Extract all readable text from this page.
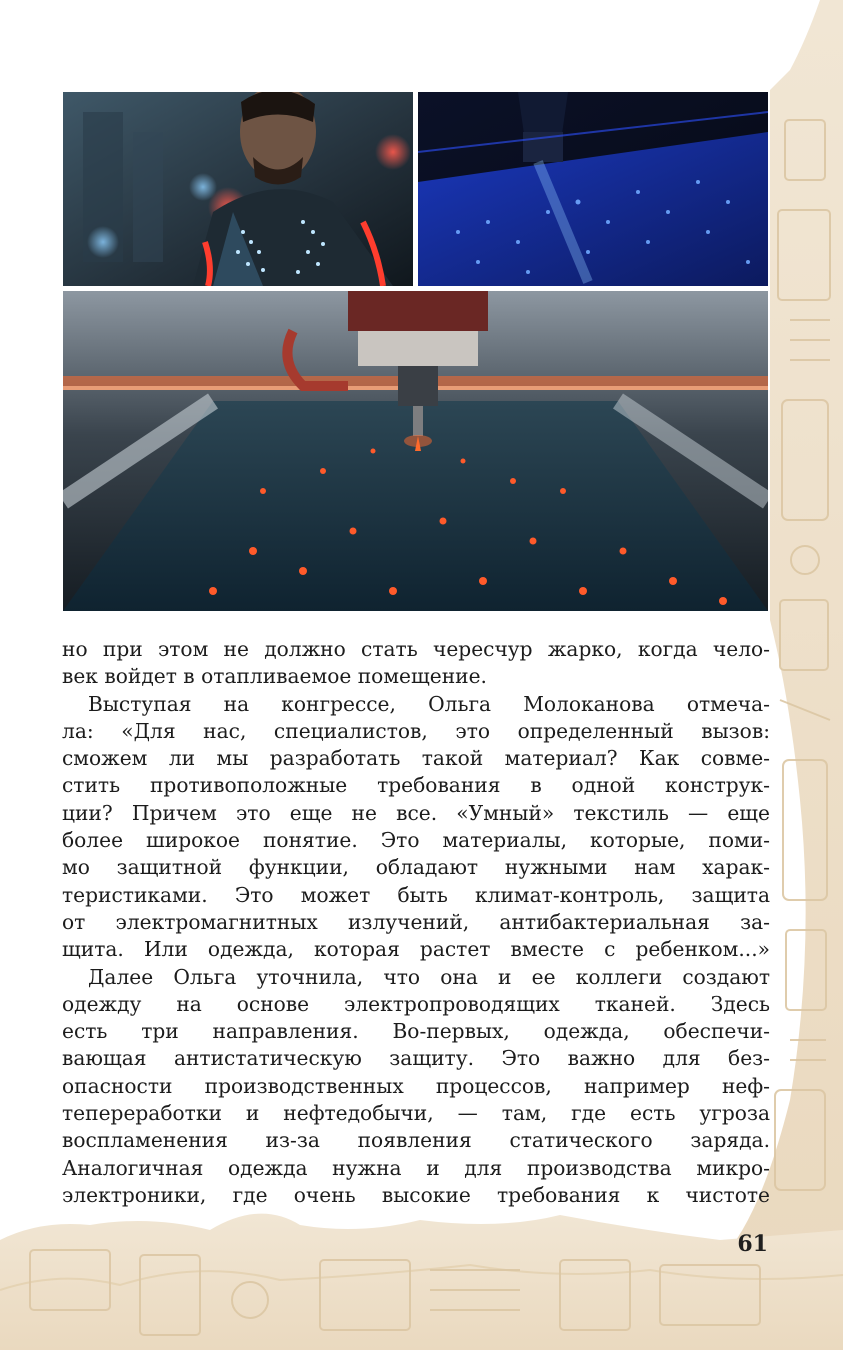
но при этом не должно стать чересчур жарко, когда чело-

век войдет в отапливаемое помещение.

Выступая на конгрессе, Ольга Молоканова отмеча-

ла: «Для нас, специалистов, это определенный вызов:

сможем ли мы разработать такой материал? Как совме-

стить противоположные требования в одной конструк-

ции? Причем это еще не все. «Умный» текстиль — еще

более широкое понятие. Это материалы, которые, поми-

мо защитной функции, обладают нужными нам харак-

теристиками. Это может быть климат-контроль, защита

от электромагнитных излучений, антибактериальная за-

щита. Или одежда, которая растет вместе с ребенком...»

Далее Ольга уточнила, что она и ее коллеги создают

одежду на основе электропроводящих тканей. Здесь

есть три направления. Во-первых, одежда, обеспечи-

вающая антистатическую защиту. Это важно для без-

опасности производственных процессов, например неф-

тепереработки и нефтедобычи, — там, где есть угроза

воспламенения из-за появления статического заряда.

Аналогичная одежда нужна и для производства микро-

электроники, где очень высокие требования к чистоте

61
